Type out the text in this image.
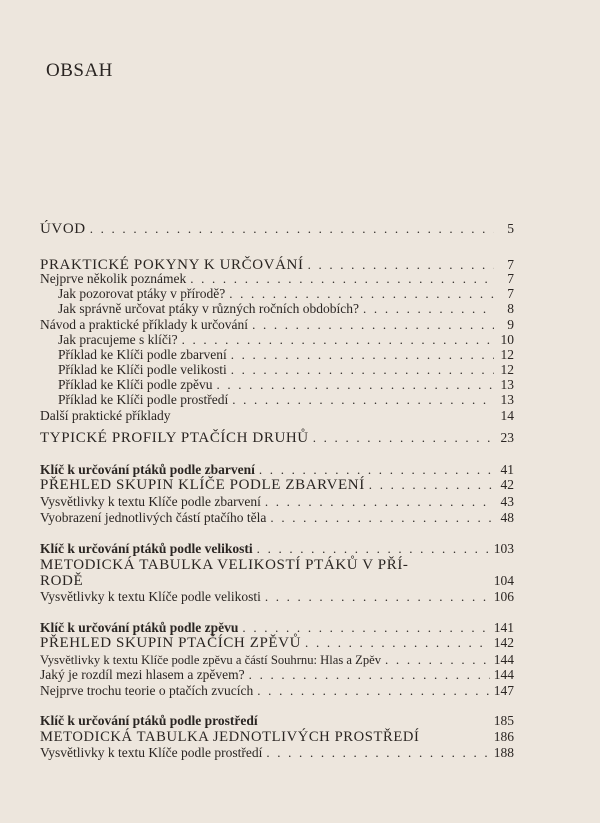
OBSAH
ÚVOD . . .	5
PRAKTICKÉ POKYNY K URČOVÁNÍ . . .	7
Nejprve několik poznámek . . .	7
Jak pozorovat ptáky v přírodě? . . .	7
Jak správně určovat ptáky v různých ročních obdobích? . . .	8
Návod a praktické příklady k určování . . .	9
Jak pracujeme s klíči? . . .	10
Příklad ke Klíči podle zbarvení . . .	12
Příklad ke Klíči podle velikosti . . .	12
Příklad ke Klíči podle zpěvu . . .	13
Příklad ke Klíči podle prostředí . . .	13
Další praktické příklady	14
TYPICKÉ PROFILY PTAČÍCH DRUHŮ . . .	23
Klíč k určování ptáků podle zbarvení . . .	41
PŘEHLED SKUPIN KLÍČE PODLE ZBARVENÍ . . .	42
Vysvětlivky k textu Klíče podle zbarvení . . .	43
Vyobrazení jednotlivých částí ptačího těla . . .	48
Klíč k určování ptáků podle velikosti . . .	103
METODICKÁ TABULKA VELIKOSTÍ PTÁKŮ V PŘÍ-
RODĚ	104
Vysvětlivky k textu Klíče podle velikosti . . .	106
Klíč k určování ptáků podle zpěvu . . .	141
PŘEHLED SKUPIN PTAČÍCH ZPĚVŮ . . .	142
Vysvětlivky k textu Klíče podle zpěvu a částí Souhrnu: Hlas a Zpěv . . .	144
Jaký je rozdíl mezi hlasem a zpěvem? . . .	144
Nejprve trochu teorie o ptačích zvucích . . .	147
Klíč k určování ptáků podle prostředí	185
METODICKÁ TABULKA JEDNOTLIVÝCH PROSTŘEDÍ	186
Vysvětlivky k textu Klíče podle prostředí . . .	188
